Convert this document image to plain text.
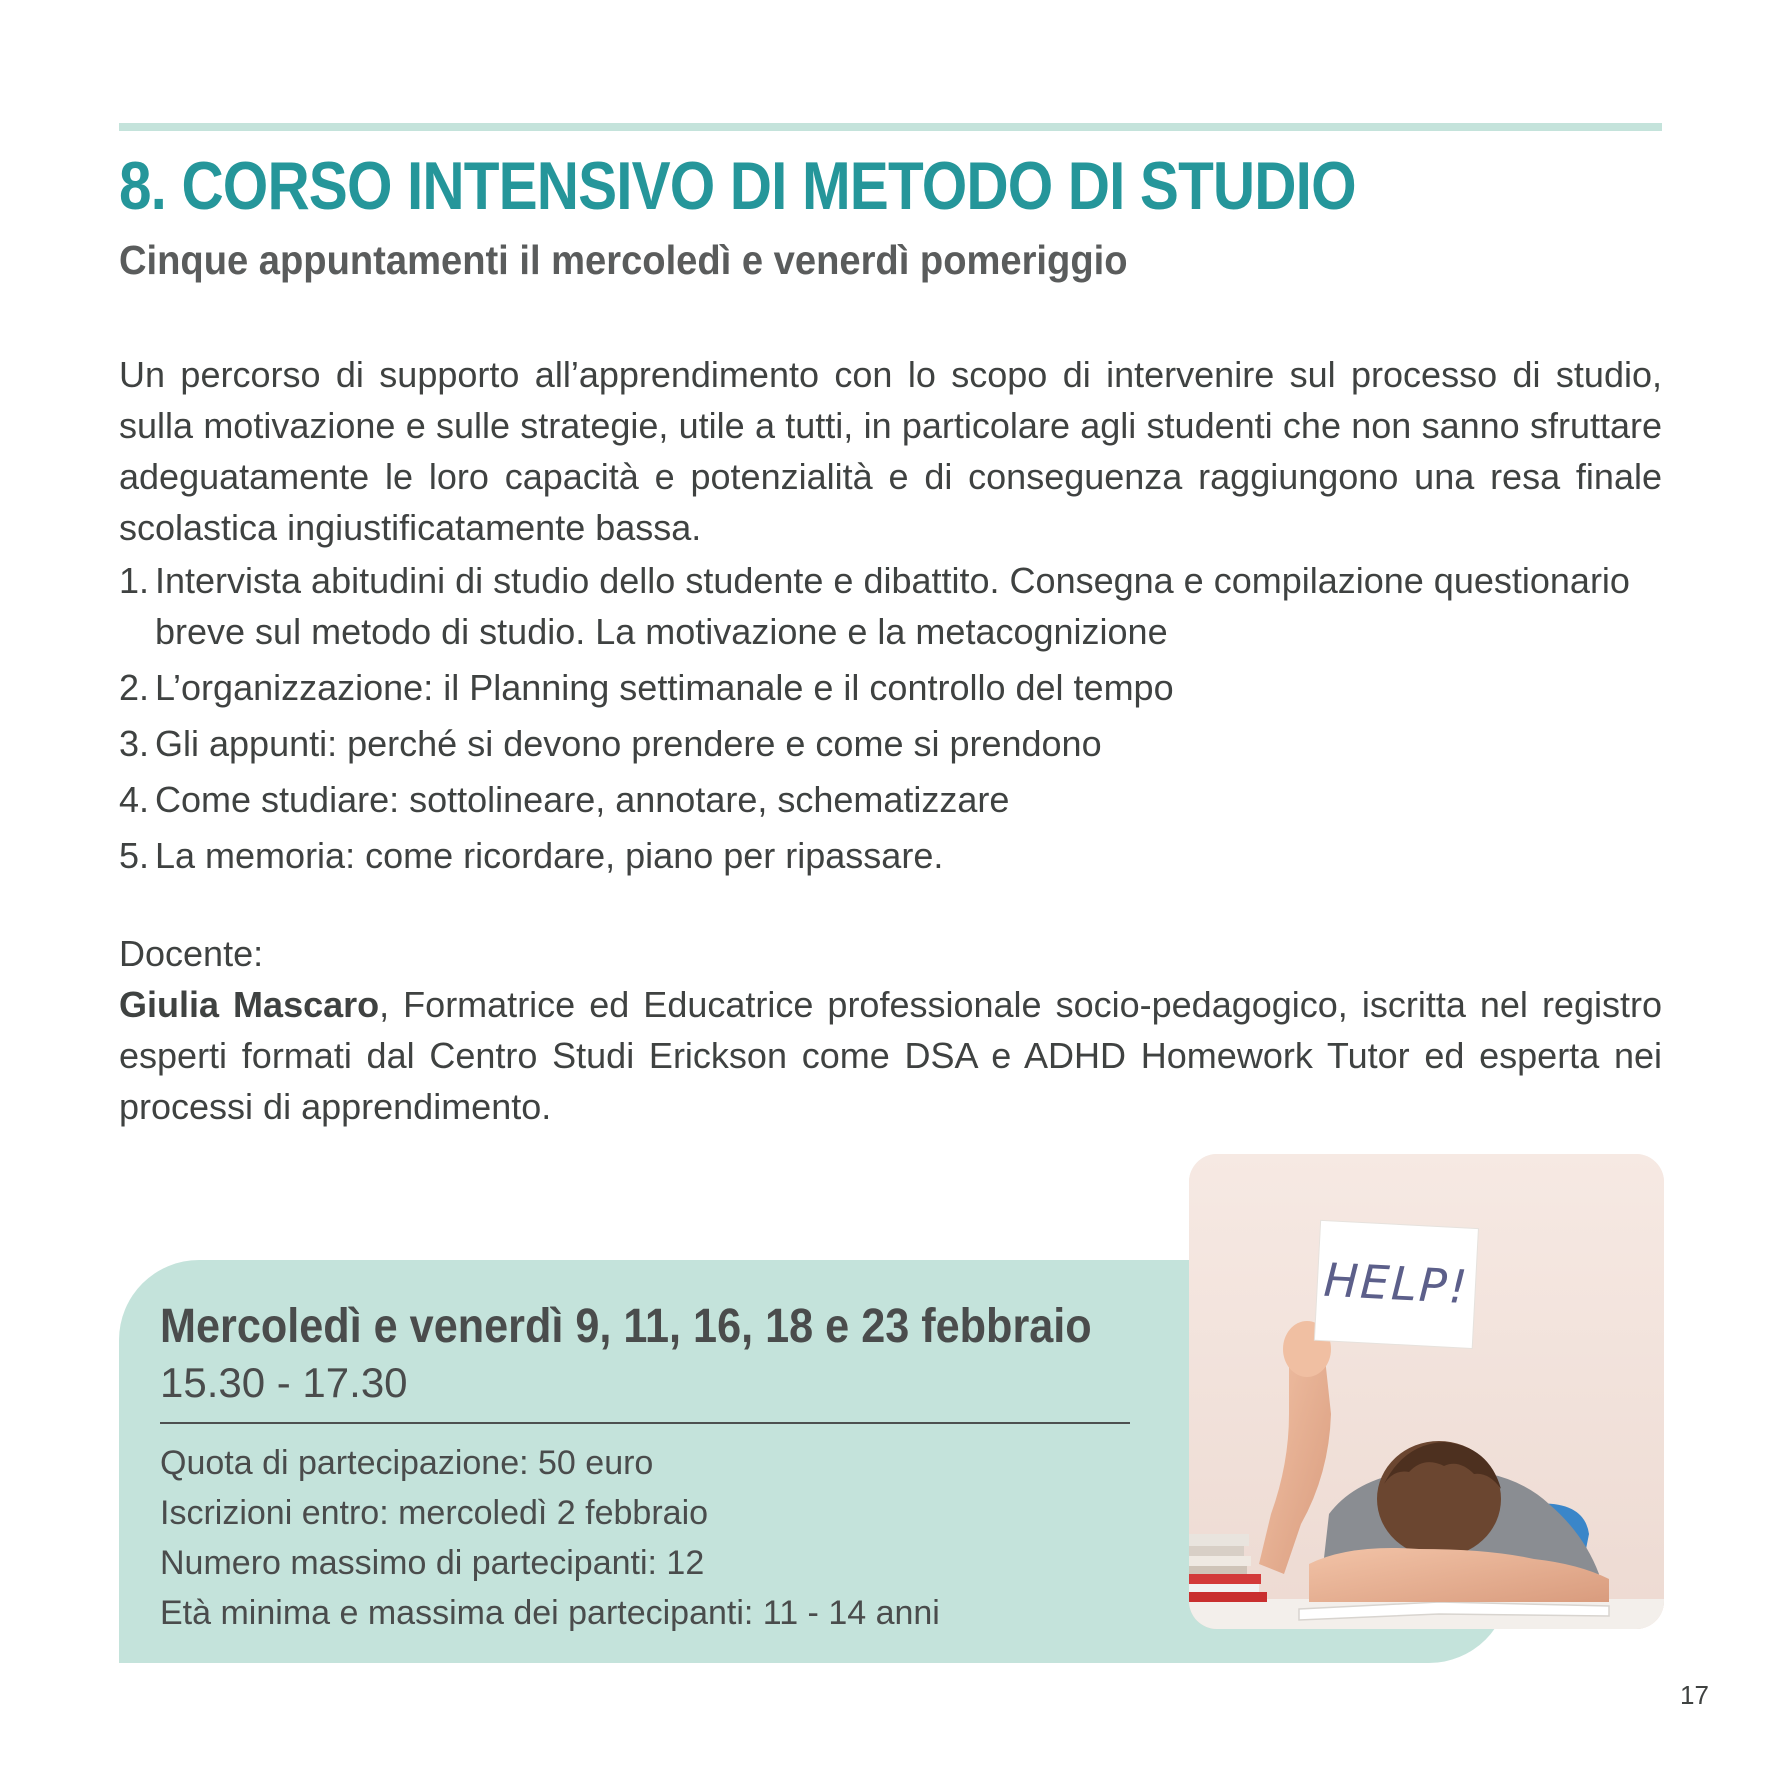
8. CORSO INTENSIVO DI METODO DI STUDIO
Cinque appuntamenti il mercoledì e venerdì pomeriggio
Un percorso di supporto all’apprendimento con lo scopo di intervenire sul processo di studio, sulla motivazione e sulle strategie, utile a tutti, in particolare agli studenti che non sanno sfruttare adeguatamente le loro capacità e potenzialità e di conseguenza raggiungono una resa finale scolastica ingiustificatamente bassa.
1. Intervista abitudini di studio dello studente e dibattito. Consegna e compilazione questionario breve sul metodo di studio. La motivazione e la metacognizione
2. L’organizzazione: il Planning settimanale e il controllo del tempo
3. Gli appunti: perché si devono prendere e come si prendono
4. Come studiare: sottolineare, annotare, schematizzare
5. La memoria: come ricordare, piano per ripassare.
Docente:
Giulia Mascaro, Formatrice ed Educatrice professionale socio-pedagogico, iscritta nel registro esperti formati dal Centro Studi Erickson come DSA e ADHD Homework Tutor ed esperta nei processi di apprendimento.
Mercoledì e venerdì 9, 11, 16, 18 e 23 febbraio
15.30 - 17.30
Quota di partecipazione: 50 euro
Iscrizioni entro: mercoledì 2 febbraio
Numero massimo di partecipanti: 12
Età minima e massima dei partecipanti: 11 - 14 anni
HELP!
17
